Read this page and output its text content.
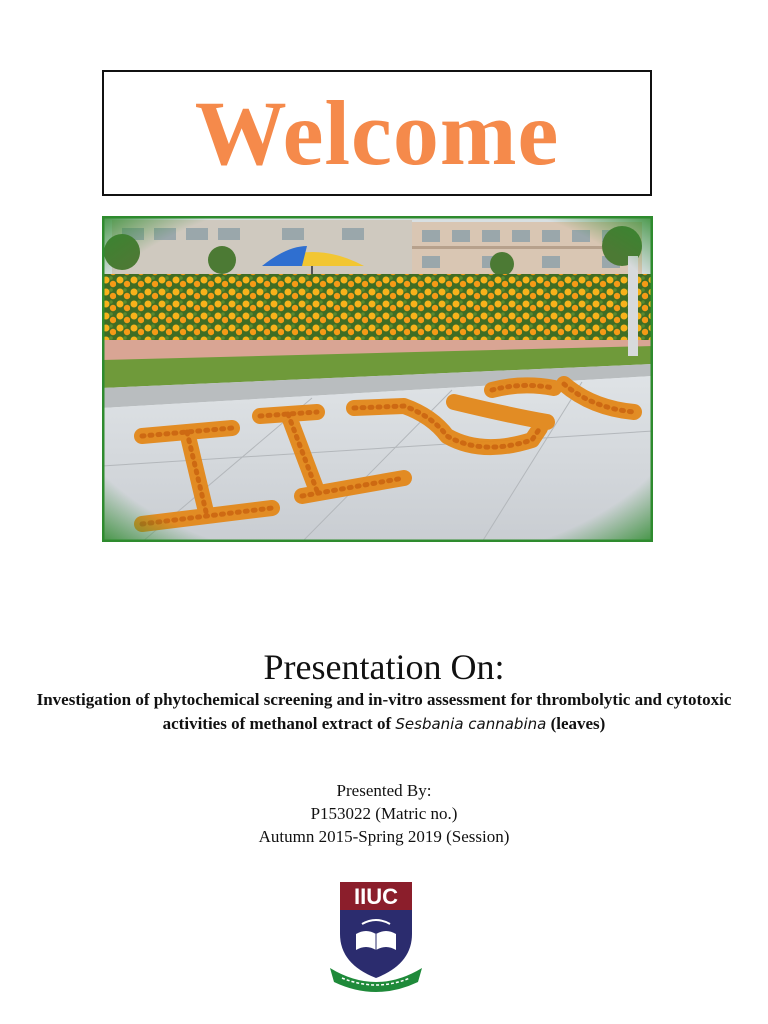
Welcome
Presentation On:
Investigation of phytochemical screening and in-vitro assessment for thrombolytic and cytotoxic activities of methanol extract of Sesbania cannabina (leaves)
Presented By:
P153022 (Matric no.)
Autumn 2015-Spring 2019 (Session)
IIUC
